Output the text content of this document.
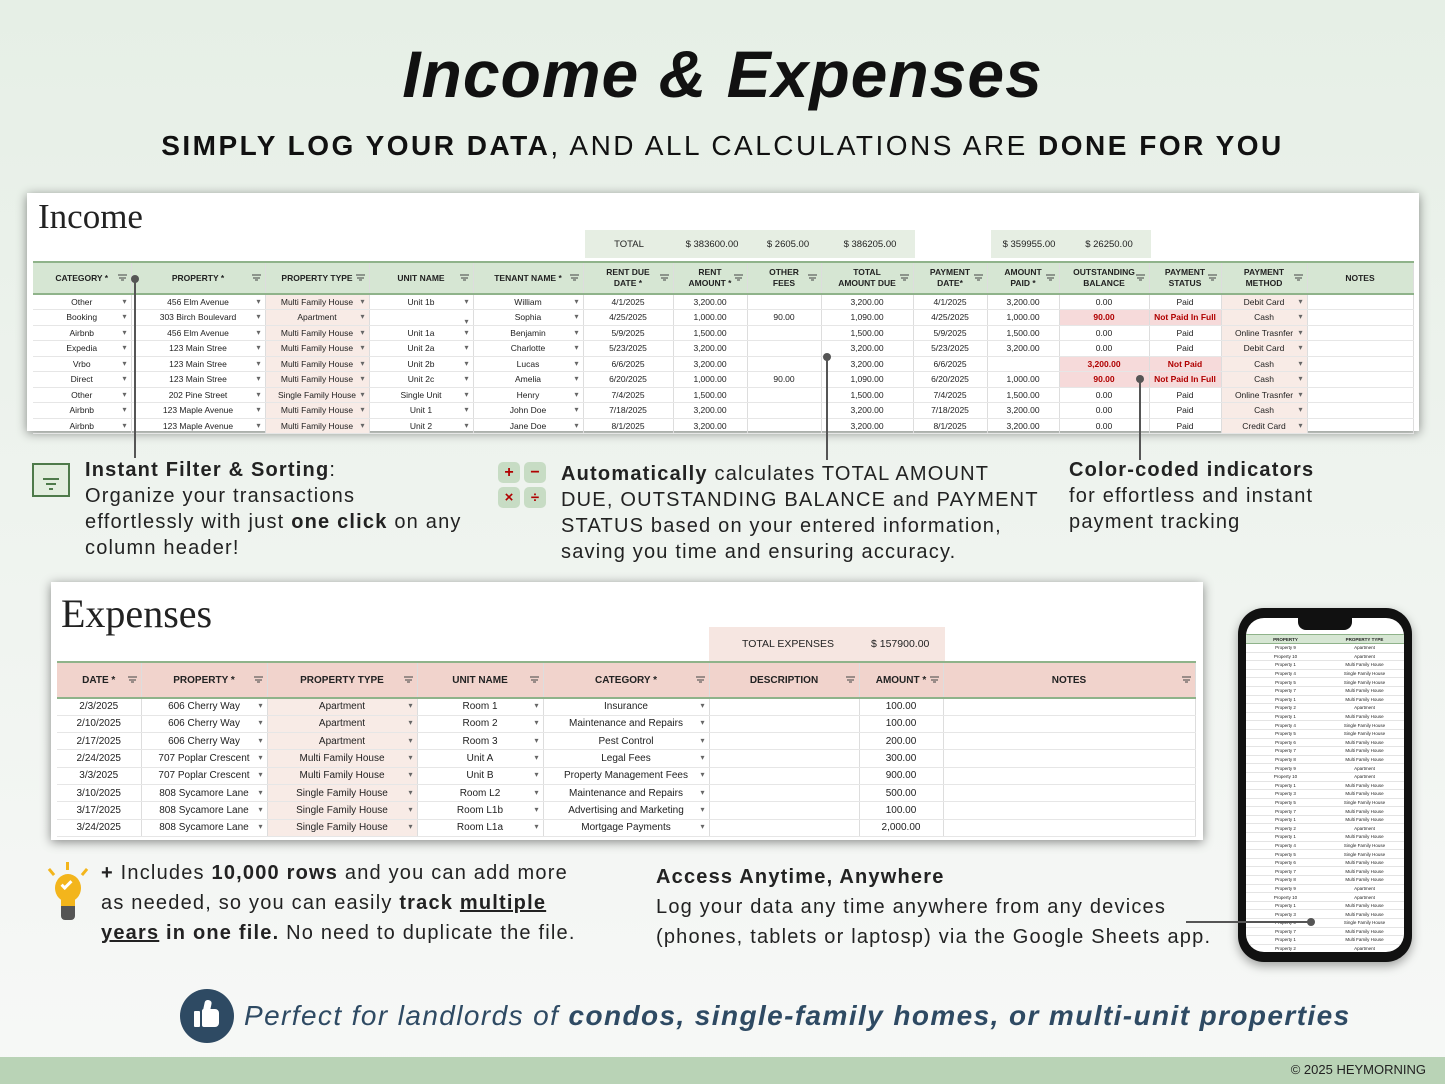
Income & Expenses
SIMPLY LOG YOUR DATA, AND ALL CALCULATIONS ARE DONE FOR YOU
Income
TOTAL	$ 383600.00	$ 2605.00	$ 386205.00		$ 359955.00	$ 26250.00
CATEGORY *	PROPERTY *	PROPERTY TYPE	UNIT NAME	TENANT NAME *	RENT DUE DATE *	RENT AMOUNT *	OTHER FEES	TOTAL AMOUNT DUE	PAYMENT DATE*	AMOUNT PAID *	OUTSTANDING BALANCE	PAYMENT STATUS	PAYMENT METHOD	NOTES
Other ▾	456 Elm Avenue ▾	Multi Family House ▾	Unit 1b ▾	William ▾	4/1/2025	3,200.00		3,200.00	4/1/2025	3,200.00	0.00	Paid	Debit Card ▾	
Booking ▾	303 Birch Boulevard ▾	Apartment ▾	▾	Sophia ▾	4/25/2025	1,000.00	90.00	1,090.00	4/25/2025	1,000.00	90.00	Not Paid In Full	Cash ▾	
Airbnb ▾	456 Elm Avenue ▾	Multi Family House ▾	Unit 1a ▾	Benjamin ▾	5/9/2025	1,500.00		1,500.00	5/9/2025	1,500.00	0.00	Paid	Online Trasnfer ▾	
Expedia ▾	123 Main Stree ▾	Multi Family House ▾	Unit 2a ▾	Charlotte ▾	5/23/2025	3,200.00		3,200.00	5/23/2025	3,200.00	0.00	Paid	Debit Card ▾	
Vrbo ▾	123 Main Stree ▾	Multi Family House ▾	Unit 2b ▾	Lucas ▾	6/6/2025	3,200.00		3,200.00	6/6/2025		3,200.00	Not Paid	Cash ▾	
Direct ▾	123 Main Stree ▾	Multi Family House ▾	Unit 2c ▾	Amelia ▾	6/20/2025	1,000.00	90.00	1,090.00	6/20/2025	1,000.00	90.00	Not Paid In Full	Cash ▾	
Other ▾	202 Pine Street ▾	Single Family House ▾	Single Unit ▾	Henry ▾	7/4/2025	1,500.00		1,500.00	7/4/2025	1,500.00	0.00	Paid	Online Trasnfer ▾	
Airbnb ▾	123 Maple Avenue ▾	Multi Family House ▾	Unit 1 ▾	John Doe ▾	7/18/2025	3,200.00		3,200.00	7/18/2025	3,200.00	0.00	Paid	Cash ▾	
Airbnb ▾	123 Maple Avenue ▾	Multi Family House ▾	Unit 2 ▾	Jane Doe ▾	8/1/2025	3,200.00		3,200.00	8/1/2025	3,200.00	0.00	Paid	Credit Card ▾	
Instant Filter & Sorting:
Organize your transactions
effortlessly with just one click on any
column header!
+	−
×	÷
Automatically calculates TOTAL AMOUNT
DUE, OUTSTANDING BALANCE and PAYMENT
STATUS based on your entered information,
saving you time and ensuring accuracy.
Color-coded indicators
for effortless and instant
payment tracking
Expenses
TOTAL EXPENSES	$ 157900.00
DATE *	PROPERTY *	PROPERTY TYPE	UNIT NAME	CATEGORY *	DESCRIPTION	AMOUNT *	NOTES

2/3/2025	606 Cherry Way ▾	Apartment ▾	Room 1 ▾	Insurance ▾		100.00	
2/10/2025	606 Cherry Way ▾	Apartment ▾	Room 2 ▾	Maintenance and Repairs ▾		100.00	
2/17/2025	606 Cherry Way ▾	Apartment ▾	Room 3 ▾	Pest Control ▾		200.00	
2/24/2025	707 Poplar Crescent ▾	Multi Family House ▾	Unit A ▾	Legal Fees ▾		300.00	
3/3/2025	707 Poplar Crescent ▾	Multi Family House ▾	Unit B ▾	Property Management Fees ▾		900.00	
3/10/2025	808 Sycamore Lane ▾	Single Family House ▾	Room L2 ▾	Maintenance and Repairs ▾		500.00	
3/17/2025	808 Sycamore Lane ▾	Single Family House ▾	Room L1b ▾	Advertising and Marketing ▾		100.00	
3/24/2025	808 Sycamore Lane ▾	Single Family House ▾	Room L1a ▾	Mortgage Payments ▾		2,000.00	
PROPERTY	PROPERTY TYPE
Property 9	Apartment
Property 10	Apartment
Property 1	Multi Family House
Property 4	Single Family House
Property 5	Single Family House
Property 7	Multi Family House
Property 1	Multi Family House
Property 2	Apartment
Property 1	Multi Family House
Property 4	Single Family House
Property 5	Single Family House
Property 6	Multi Family House
Property 7	Multi Family House
Property 8	Multi Family House
Property 9	Apartment
Property 10	Apartment
Property 1	Multi Family House
Property 3	Multi Family House
Property 5	Single Family House
Property 7	Multi Family House
Property 1	Multi Family House
Property 2	Apartment
Property 1	Multi Family House
Property 4	Single Family House
Property 5	Single Family House
Property 6	Multi Family House
Property 7	Multi Family House
Property 8	Multi Family House
Property 9	Apartment
Property 10	Apartment
Property 1	Multi Family House
Property 3	Multi Family House
Property 5	Single Family House
Property 7	Multi Family House
Property 1	Multi Family House
Property 2	Apartment
+ Includes 10,000 rows and you can add more
as needed, so you can easily track multiple
years in one file. No need to duplicate the file.
Access Anytime, Anywhere
Log your data any time anywhere from any devices
(phones, tablets or laptosp) via the Google Sheets app.
Perfect for landlords of condos, single-family homes, or multi-unit properties
© 2025 HEYMORNING
